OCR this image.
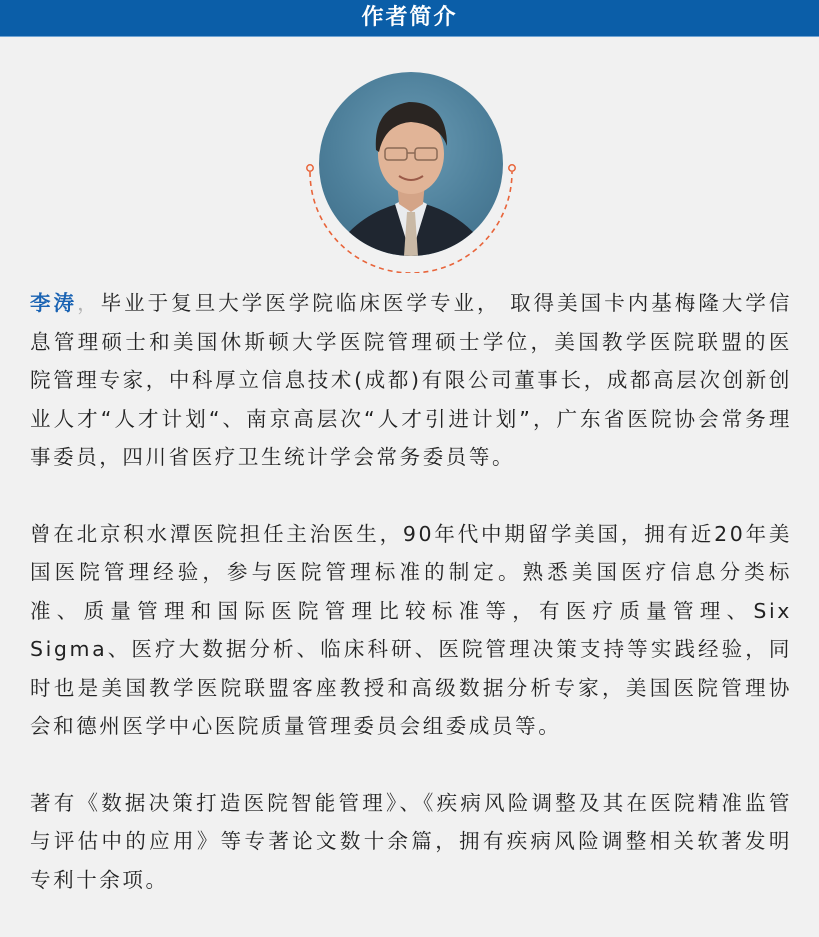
作者简介

李涛，毕业于复旦大学医学院临床医学专业， 取得美国卡内基梅隆大学信息管理硕士和美国休斯顿大学医院管理硕士学位，美国教学医院联盟的医院管理专家，中科厚立信息技术(成都)有限公司董事长，成都高层次创新创业人才“人才计划“、南京高层次“人才引进计划”，广东省医院协会常务理事委员，四川省医疗卫生统计学会常务委员等。

曾在北京积水潭医院担任主治医生，90年代中期留学美国，拥有近20年美国医院管理经验，参与医院管理标准的制定。熟悉美国医疗信息分类标准、质量管理和国际医院管理比较标准等，有医疗质量管理、Six Sigma、医疗大数据分析、临床科研、医院管理决策支持等实践经验，同时也是美国教学医院联盟客座教授和高级数据分析专家，美国医院管理协会和德州医学中心医院质量管理委员会组委成员等。

著有《数据决策打造医院智能管理》、《疾病风险调整及其在医院精准监管与评估中的应用》等专著论文数十余篇，拥有疾病风险调整相关软著发明专利十余项。
